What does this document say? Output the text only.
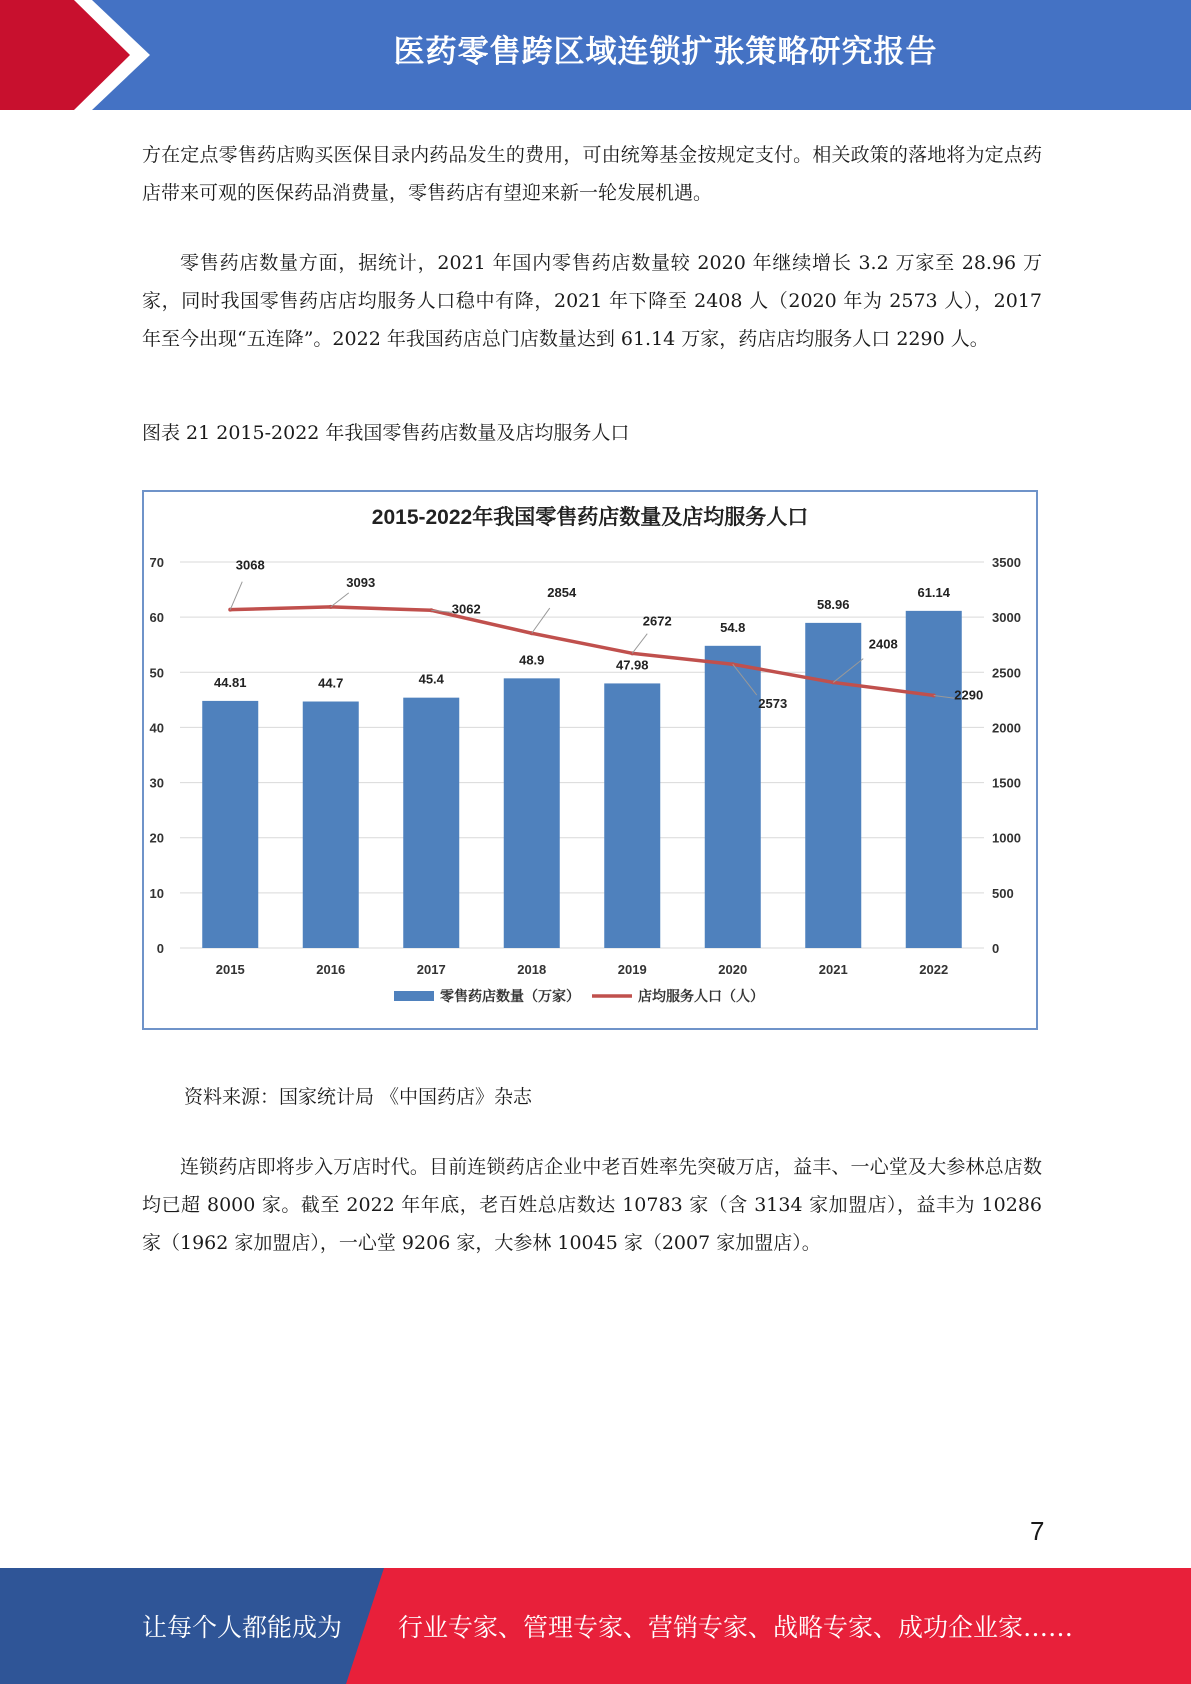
医药零售跨区域连锁扩张策略研究报告

方在定点零售药店购买医保目录内药品发生的费用，可由统筹基金按规定支付。相关政策的落地将为定点药店带来可观的医保药品消费量，零售药店有望迎来新一轮发展机遇。

零售药店数量方面，据统计，2021 年国内零售药店数量较 2020 年继续增长 3.2 万家至 28.96 万家，同时我国零售药店店均服务人口稳中有降，2021 年下降至 2408 人（2020 年为 2573 人），2017 年至今出现“五连降”。2022 年我国药店总门店数量达到 61.14 万家，药店店均服务人口 2290 人。

图表 21 2015-2022 年我国零售药店数量及店均服务人口

2015-2022年我国零售药店数量及店均服务人口
0
10
20
30
40
50
60
70
0
500
1000
1500
2000
2500
3000
3500
44.81	44.7	45.4
48.9	47.98
54.8
58.96
61.14
2015	2016	2017	2018	2019	2020	2021	2022
3068
3093
3062
2854
2672
2573
2408
2290
零售药店数量（万家）	店均服务人口（人）

资料来源：国家统计局 《中国药店》杂志

连锁药店即将步入万店时代。目前连锁药店企业中老百姓率先突破万店，益丰、一心堂及大参林总店数均已超 8000 家。截至 2022 年年底，老百姓总店数达 10783 家（含 3134 家加盟店），益丰为 10286 家（1962 家加盟店），一心堂 9206 家，大参林 10045 家（2007 家加盟店）。

7
让每个人都能成为 行业专家、管理专家、营销专家、战略专家、成功企业家……
